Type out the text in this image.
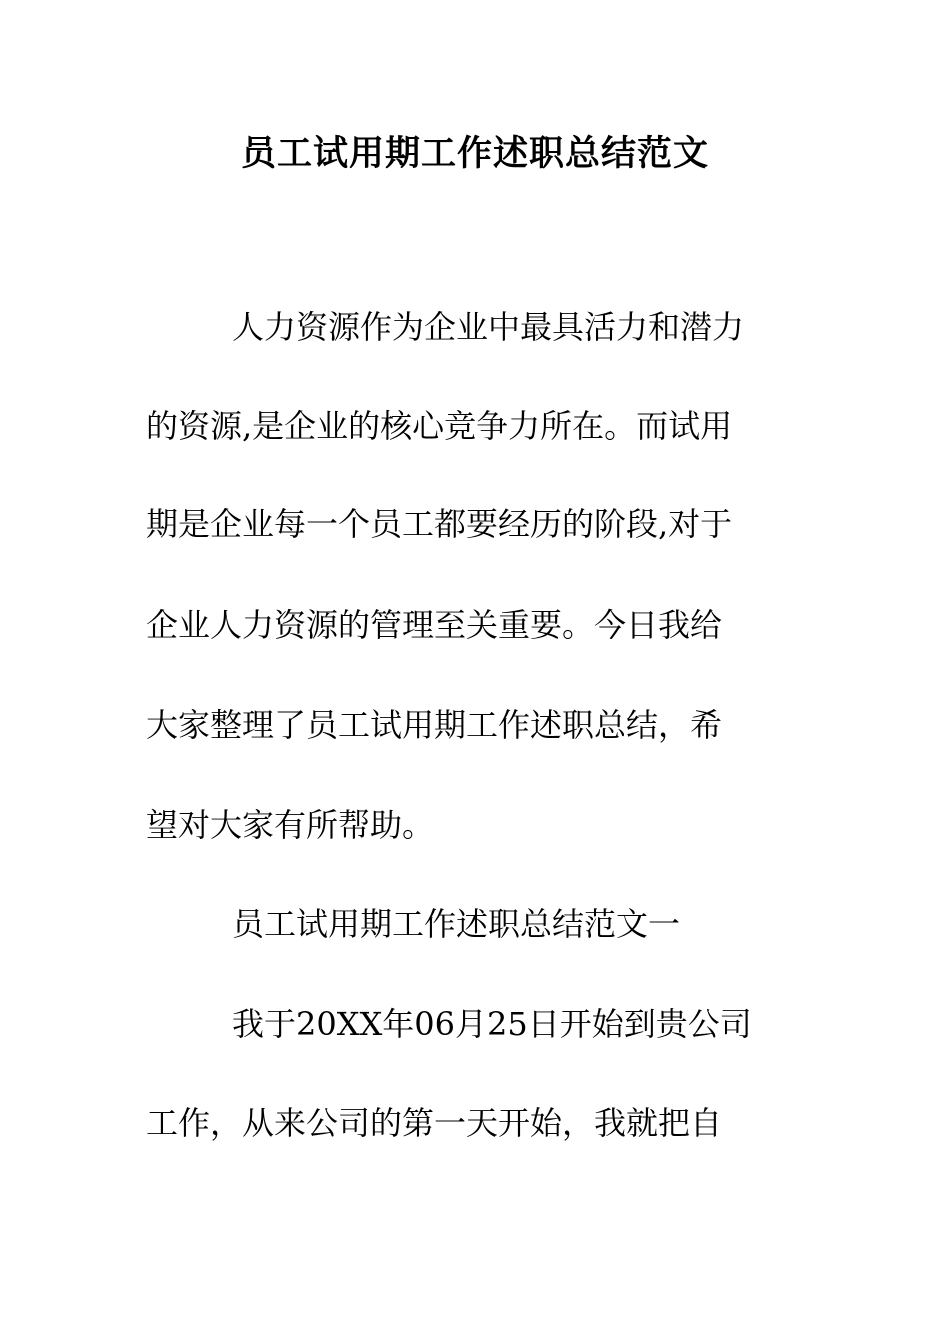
员工试用期工作述职总结范文
人力资源作为企业中最具活力和潜力
的资源,是企业的核心竞争力所在。而试用
期是企业每一个员工都要经历的阶段,对于
企业人力资源的管理至关重要。今日我给
大家整理了员工试用期工作述职总结，希
望对大家有所帮助。
员工试用期工作述职总结范文一
我于20XX年06月25日开始到贵公司
工作，从来公司的第一天开始，我就把自
